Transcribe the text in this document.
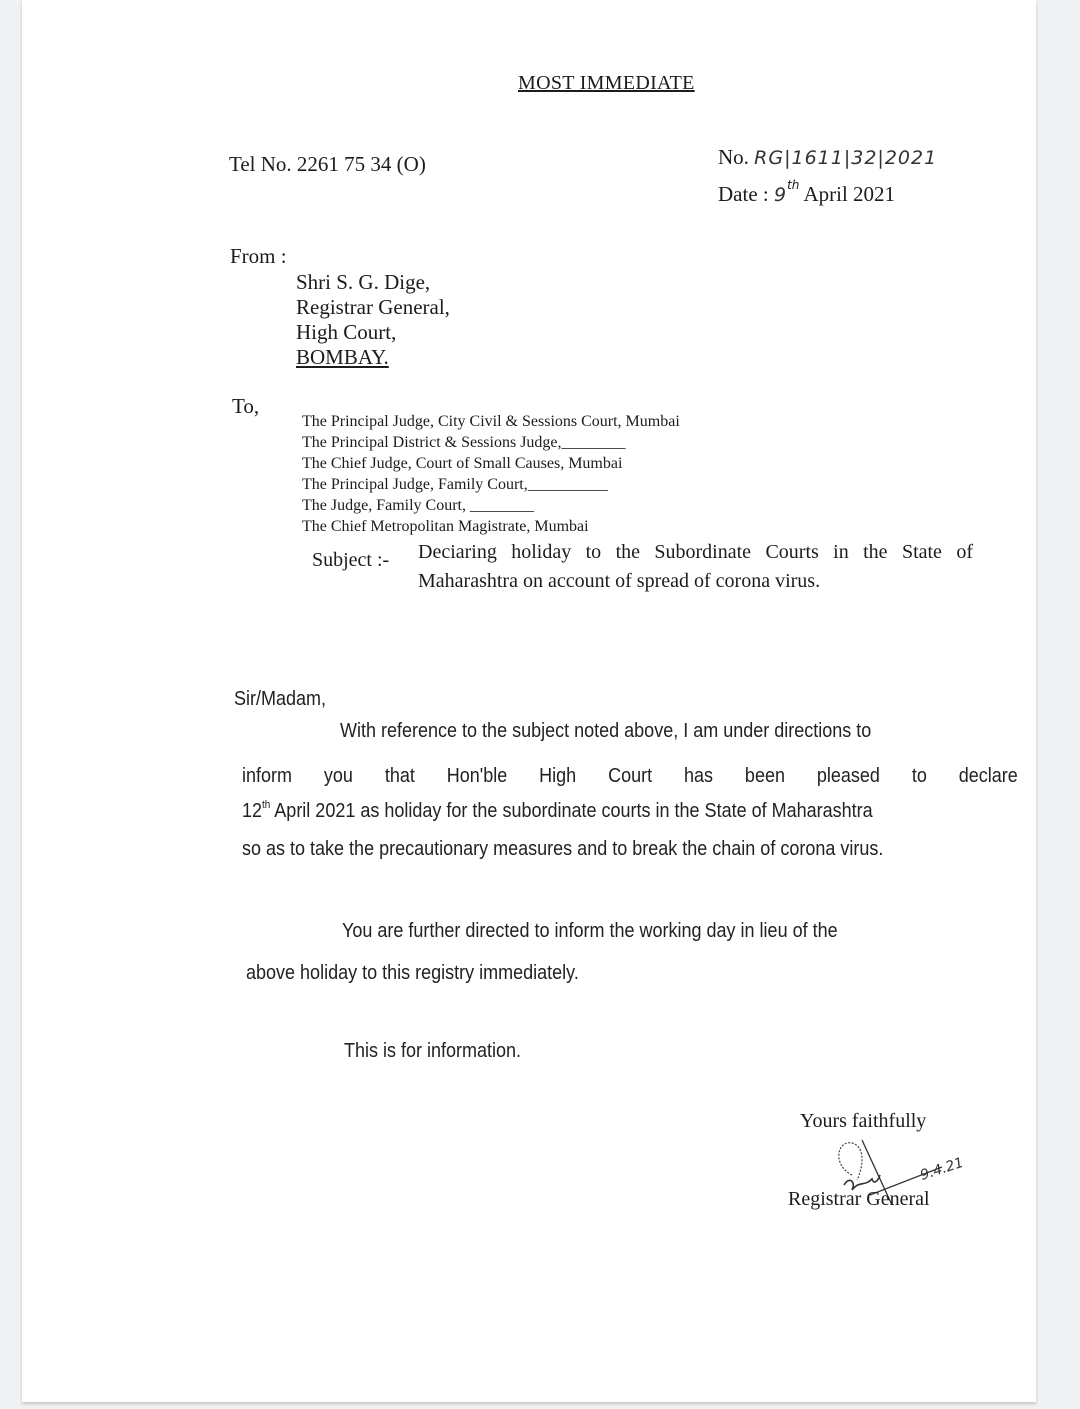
MOST IMMEDIATE
Tel No. 2261 75 34 (O)	No. RG|1611|32|2021
Date : 9th April 2021
From :
Shri S. G. Dige,
Registrar General,
High Court,
BOMBAY.
To,
The Principal Judge, City Civil & Sessions Court, Mumbai
The Principal District & Sessions Judge,________
The Chief Judge, Court of Small Causes, Mumbai
The Principal Judge, Family Court,__________
The Judge, Family Court, ________
The Chief Metropolitan Magistrate, Mumbai
Subject :- Deciaring holiday to the Subordinate Courts in the State of Maharashtra on account of spread of corona virus.
Sir/Madam,
With reference to the subject noted above, I am under directions to
inform you that Hon'ble High Court has been pleased to declare
12th April 2021 as holiday for the subordinate courts in the State of Maharashtra
so as to take the precautionary measures and to break the chain of corona virus.
You are further directed to inform the working day in lieu of the
above holiday to this registry immediately.
This is for information.
Yours faithfully
9.4.21
Registrar General
